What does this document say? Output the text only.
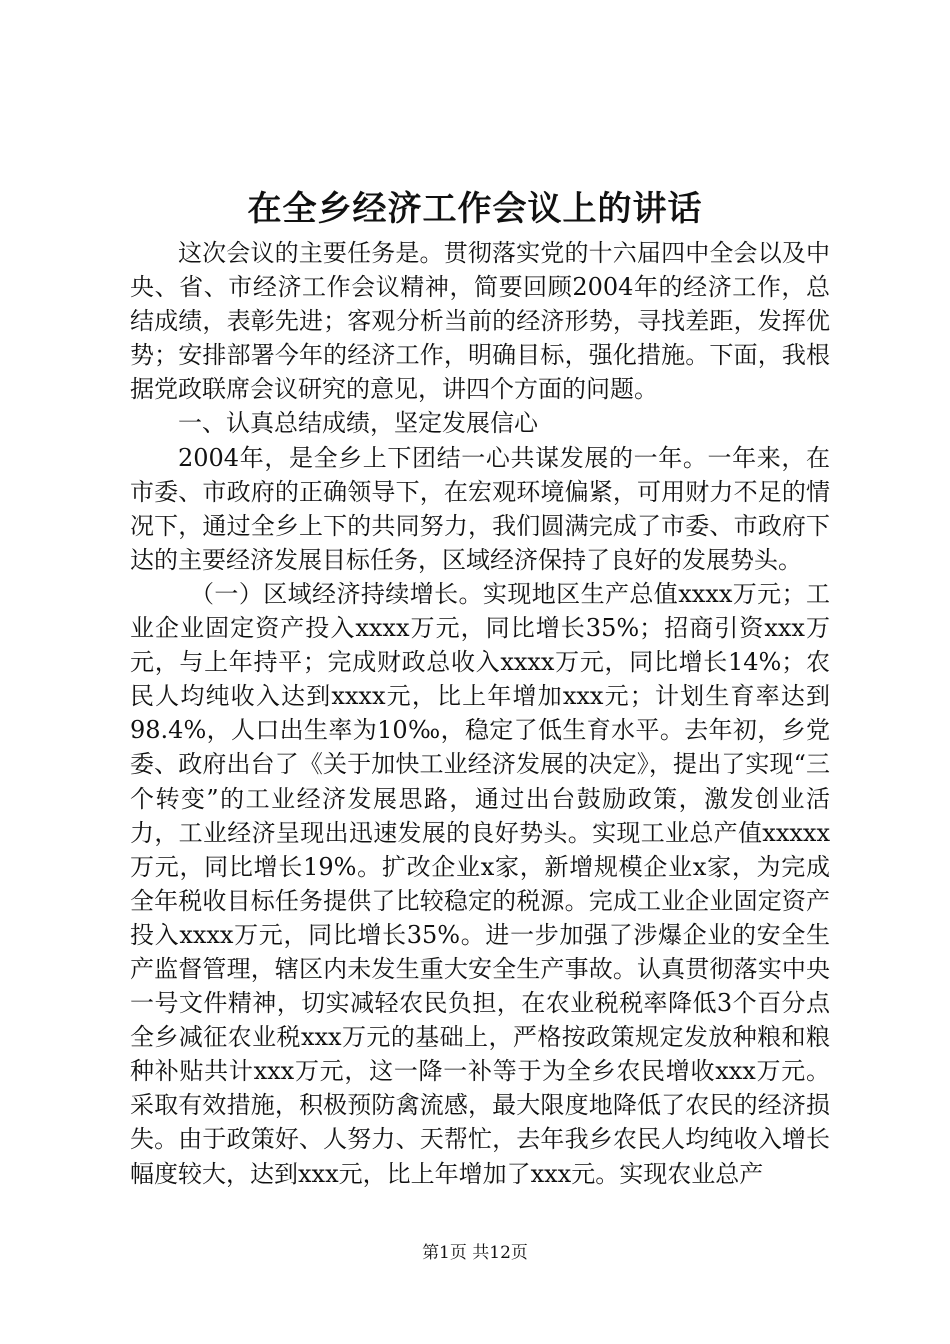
在全乡经济工作会议上的讲话

这次会议的主要任务是。贯彻落实党的十六届四中全会以及中央、省、市经济工作会议精神，简要回顾2004年的经济工作，总结成绩，表彰先进；客观分析当前的经济形势，寻找差距，发挥优势；安排部署今年的经济工作，明确目标，强化措施。下面，我根据党政联席会议研究的意见，讲四个方面的问题。

一、认真总结成绩，坚定发展信心

2004年，是全乡上下团结一心共谋发展的一年。一年来，在市委、市政府的正确领导下，在宏观环境偏紧，可用财力不足的情况下，通过全乡上下的共同努力，我们圆满完成了市委、市政府下达的主要经济发展目标任务，区域经济保持了良好的发展势头。

（一）区域经济持续增长。实现地区生产总值xxxx万元；工业企业固定资产投入xxxx万元，同比增长35%；招商引资xxx万元，与上年持平；完成财政总收入xxxx万元，同比增长14%；农民人均纯收入达到xxxx元，比上年增加xxx元；计划生育率达到98.4%，人口出生率为10‰，稳定了低生育水平。去年初，乡党委、政府出台了《关于加快工业经济发展的决定》，提出了实现“三个转变”的工业经济发展思路，通过出台鼓励政策，激发创业活力，工业经济呈现出迅速发展的良好势头。实现工业总产值xxxxx万元，同比增长19%。扩改企业x家，新增规模企业x家，为完成全年税收目标任务提供了比较稳定的税源。完成工业企业固定资产投入xxxx万元，同比增长35%。进一步加强了涉爆企业的安全生产监督管理，辖区内未发生重大安全生产事故。认真贯彻落实中央一号文件精神，切实减轻农民负担，在农业税税率降低3个百分点全乡减征农业税xxx万元的基础上，严格按政策规定发放种粮和粮种补贴共计xxx万元，这一降一补等于为全乡农民增收xxx万元。采取有效措施，积极预防禽流感，最大限度地降低了农民的经济损失。由于政策好、人努力、天帮忙，去年我乡农民人均纯收入增长幅度较大，达到xxx元，比上年增加了xxx元。实现农业总产

第1页 共12页
